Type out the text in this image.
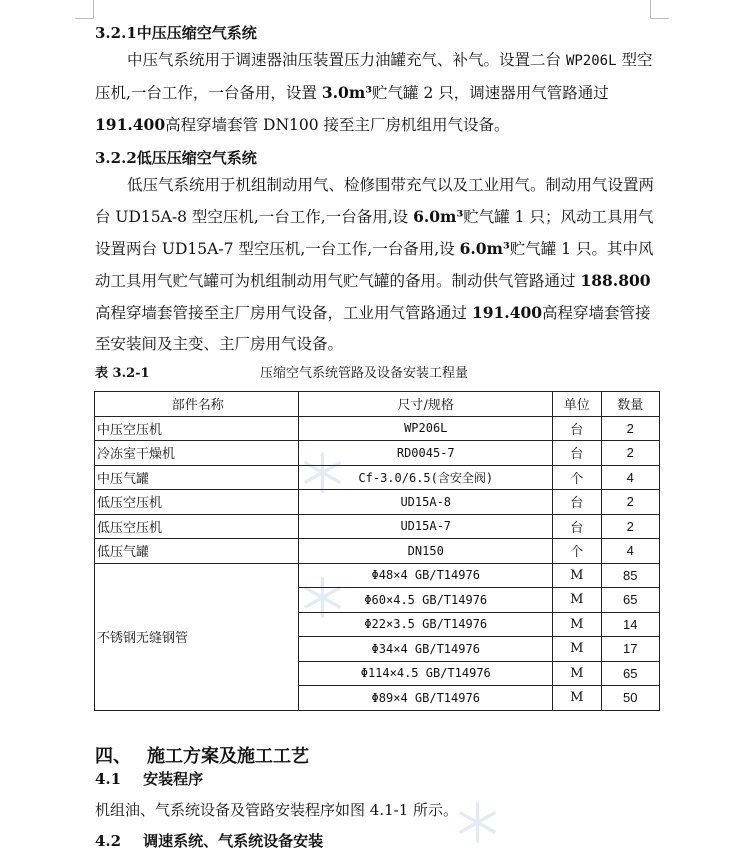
3.2.1中压压缩空气系统
中压气系统用于调速器油压装置压力油罐充气、补气。设置二台 WP206L 型空压机,一台工作，一台备用，设置 3.0m³贮气罐 2 只，调速器用气管路通过 191.400高程穿墙套管 DN100 接至主厂房机组用气设备。
3.2.2低压压缩空气系统
低压气系统用于机组制动用气、检修围带充气以及工业用气。制动用气设置两台 UD15A-8 型空压机,一台工作,一台备用,设 6.0m³贮气罐 1 只；风动工具用气设置两台 UD15A-7 型空压机,一台工作,一台备用,设 6.0m³贮气罐 1 只。其中风动工具用气贮气罐可为机组制动用气贮气罐的备用。制动供气管路通过 188.800高程穿墙套管接至主厂房用气设备，工业用气管路通过 191.400高程穿墙套管接至安装间及主变、主厂房用气设备。
表 3.2-1	压缩空气系统管路及设备安装工程量
部件名称	尺寸/规格	单位	数量
中压空压机	WP206L	台	2
冷冻室干燥机	RD0045-7	台	2
中压气罐	Cf-3.0/6.5(含安全阀)	个	4
低压空压机	UD15A-8	台	2
低压空压机	UD15A-7	台	2
低压气罐	DN150	个	4
不锈钢无缝钢管	Φ48×4 GB/T14976	M	85
	Φ60×4.5 GB/T14976	M	65
	Φ22×3.5 GB/T14976	M	14
	Φ34×4 GB/T14976	M	17
	Φ114×4.5 GB/T14976	M	65
	Φ89×4 GB/T14976	M	50
四、 施工方案及施工工艺
4.1 安装程序
机组油、气系统设备及管路安装程序如图 4.1-1 所示。
4.2 调速系统、气系统设备安装
